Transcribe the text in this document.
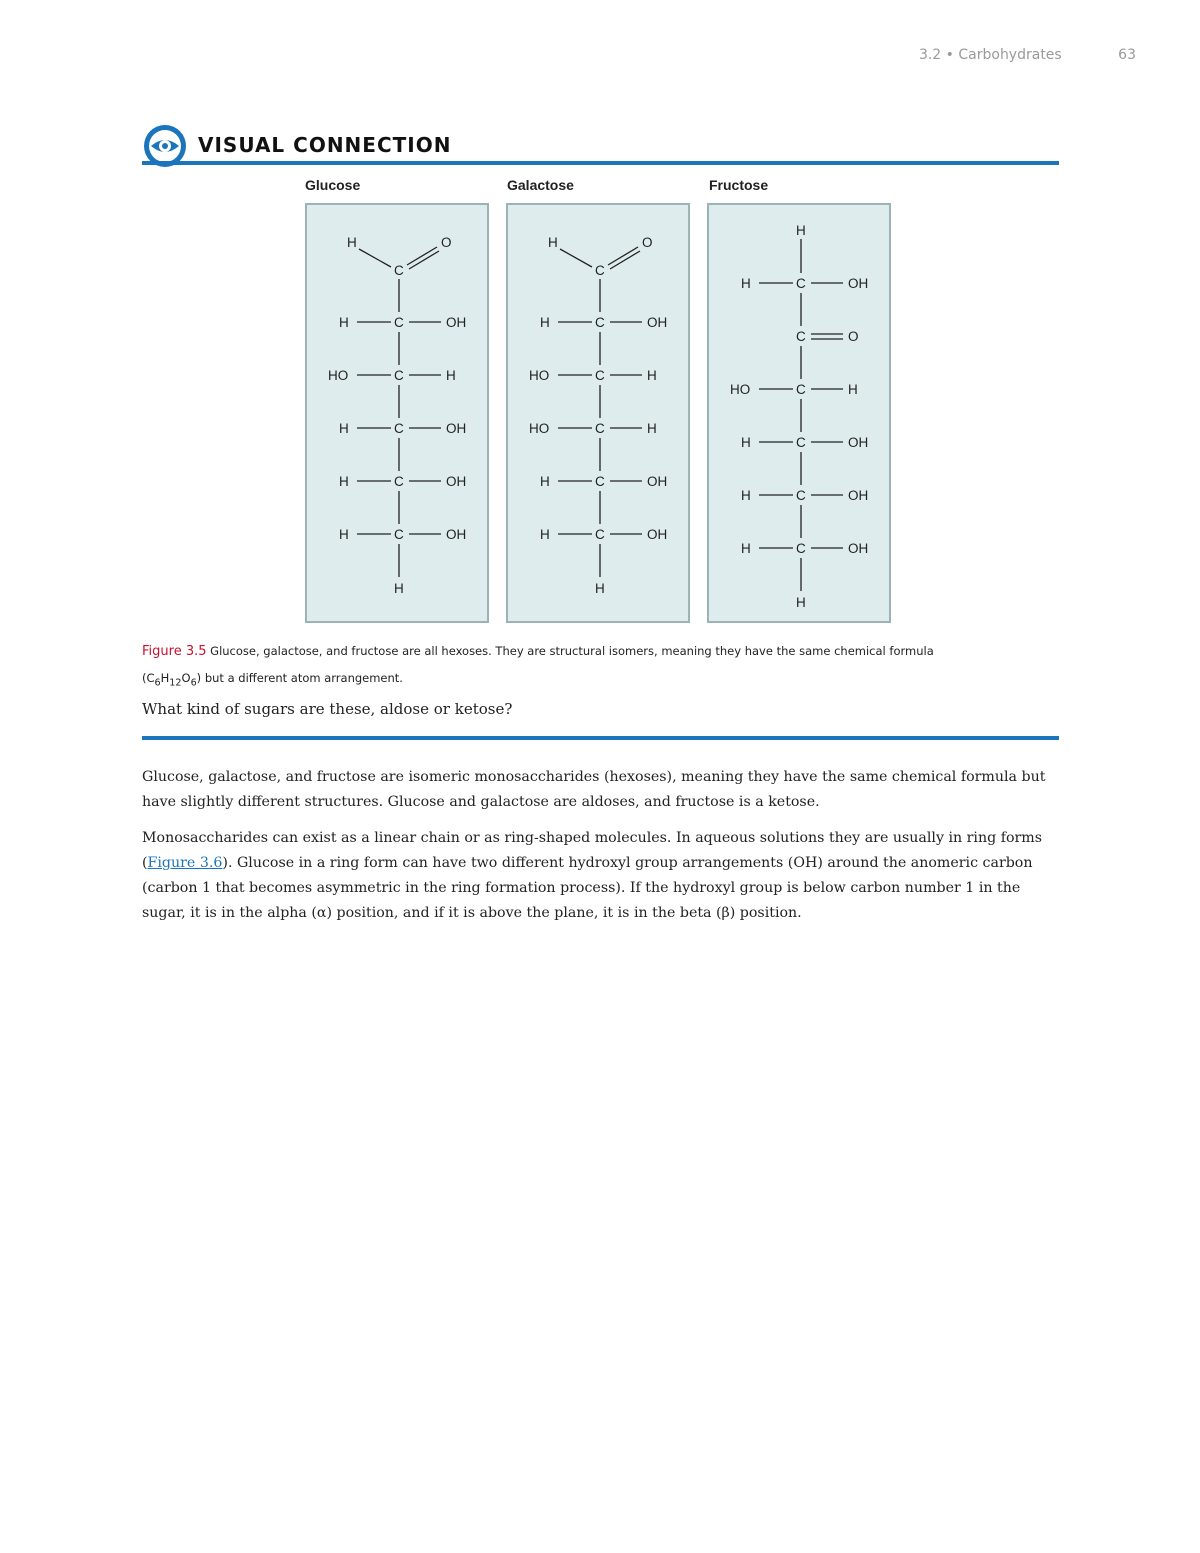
3.2 • Carbohydrates	63
VISUAL CONNECTION
Glucose
H	O
C
H	C	OH
HO	C	H
H	C	OH
H	C	OH
H	C	OH
H
Galactose
H	O
C
H	C	OH
HO	C	H
HO	C	H
H	C	OH
H	C	OH
H
Fructose
H
H	C	OH
C	O
HO	C	H
H	C	OH
H	C	OH
H	C	OH
H
Figure 3.5 Glucose, galactose, and fructose are all hexoses. They are structural isomers, meaning they have the same chemical formula
$(C_6H_{12}O_6)$ but a different atom arrangement.
What kind of sugars are these, aldose or ketose?

Glucose, galactose, and fructose are isomeric monosaccharides (hexoses), meaning they have the same chemical formula but have slightly different structures. Glucose and galactose are aldoses, and fructose is a ketose.

Monosaccharides can exist as a linear chain or as ring-shaped molecules. In aqueous solutions they are usually in ring forms (Figure 3.6). Glucose in a ring form can have two different hydroxyl group arrangements (OH) around the anomeric carbon (carbon 1 that becomes asymmetric in the ring formation process). If the hydroxyl group is below carbon number 1 in the sugar, it is in the alpha (α) position, and if it is above the plane, it is in the beta (β) position.
